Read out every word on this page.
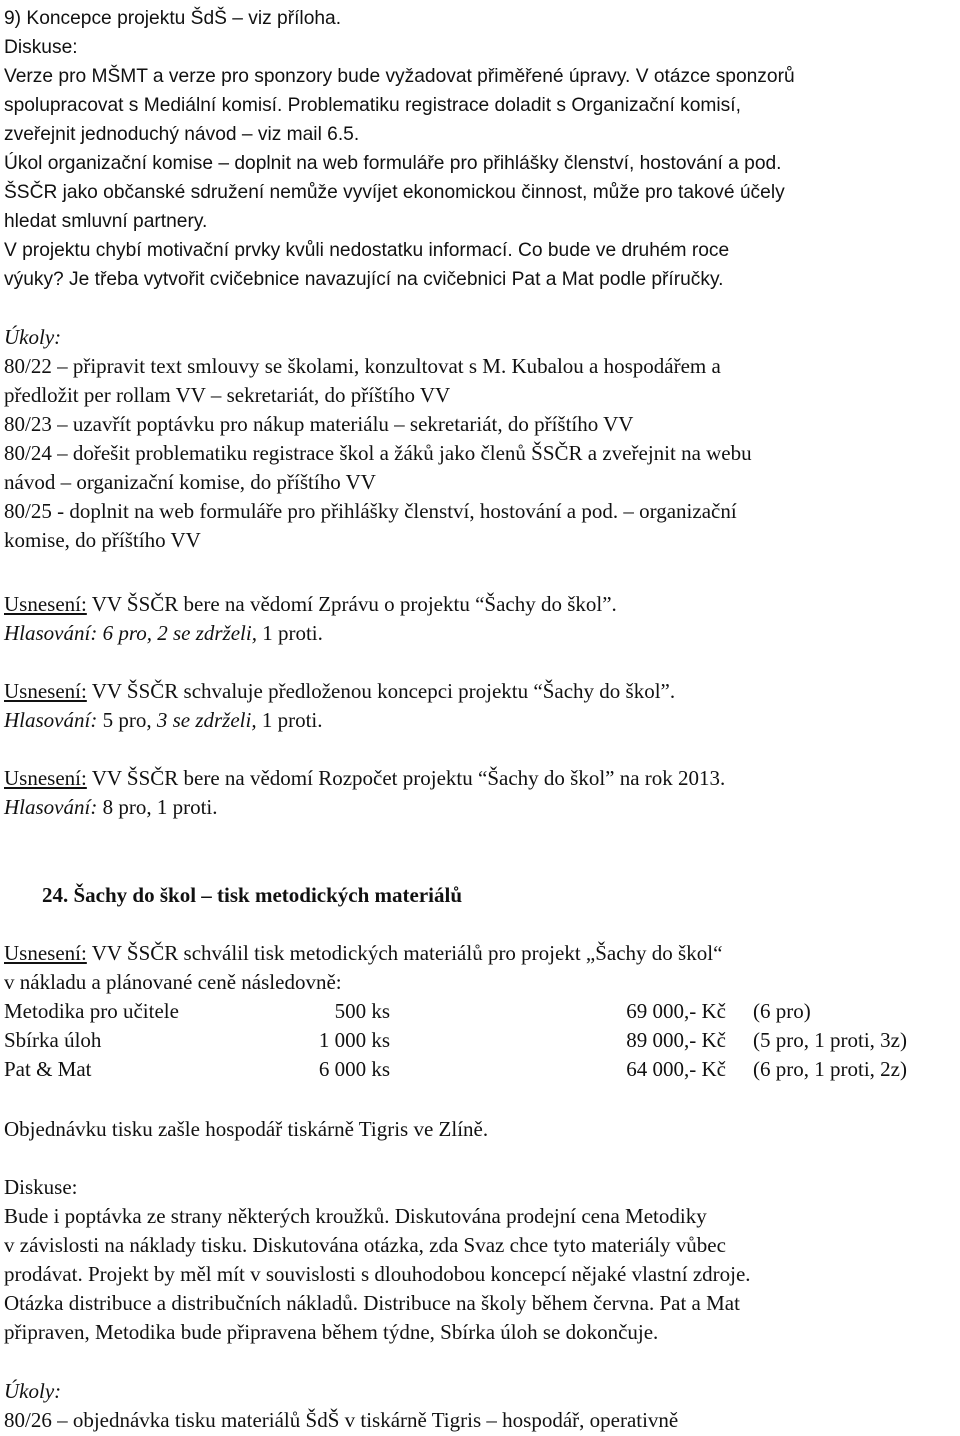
9) Koncepce projektu ŠdŠ – viz příloha.
Diskuse:
Verze pro MŠMT a verze pro sponzory bude vyžadovat přiměřené úpravy. V otázce sponzorů
spolupracovat s Mediální komisí. Problematiku registrace doladit s Organizační komisí,
zveřejnit jednoduchý návod – viz mail 6.5.
Úkol organizační komise – doplnit na web formuláře pro přihlášky členství, hostování a pod.
ŠSČR jako občanské sdružení nemůže vyvíjet ekonomickou činnost, může pro takové účely
hledat smluvní partnery.
V projektu chybí motivační prvky kvůli nedostatku informací. Co bude ve druhém roce
výuky? Je třeba vytvořit cvičebnice navazující na cvičebnici Pat a Mat podle příručky.
Úkoly:
80/22 – připravit text smlouvy se školami, konzultovat s M. Kubalou a hospodářem a
předložit per rollam VV – sekretariát, do příštího VV
80/23 – uzavřít poptávku pro nákup materiálu – sekretariát, do příštího VV
80/24 – dořešit problematiku registrace škol a žáků jako členů ŠSČR a zveřejnit na webu
návod – organizační komise, do příštího VV
80/25 - doplnit na web formuláře pro přihlášky členství, hostování a pod. – organizační
komise, do příštího VV
Usnesení: VV ŠSČR bere na vědomí Zprávu o projektu “Šachy do škol”.
Hlasování: 6 pro, 2 se zdrželi, 1 proti.
Usnesení: VV ŠSČR schvaluje předloženou koncepci projektu “Šachy do škol”.
Hlasování: 5 pro, 3 se zdrželi, 1 proti.
Usnesení: VV ŠSČR bere na vědomí Rozpočet projektu “Šachy do škol” na rok 2013.
Hlasování: 8 pro, 1 proti.
24. Šachy do škol – tisk metodických materiálů
Usnesení: VV ŠSČR schválil tisk metodických materiálů pro projekt „Šachy do škol“
v nákladu a plánované ceně následovně:
Metodika pro učitele	500 ks	69 000,- Kč (6 pro)
Sbírka úloh	1 000 ks	89 000,- Kč (5 pro, 1 proti, 3z)
Pat & Mat	6 000 ks	64 000,- Kč (6 pro, 1 proti, 2z)
Objednávku tisku zašle hospodář tiskárně Tigris ve Zlíně.
Diskuse:
Bude i poptávka ze strany některých kroužků. Diskutována prodejní cena Metodiky
v závislosti na náklady tisku. Diskutována otázka, zda Svaz chce tyto materiály vůbec
prodávat. Projekt by měl mít v souvislosti s dlouhodobou koncepcí nějaké vlastní zdroje.
Otázka distribuce a distribučních nákladů. Distribuce na školy během června. Pat a Mat
připraven, Metodika bude připravena během týdne, Sbírka úloh se dokončuje.
Úkoly:
80/26 – objednávka tisku materiálů ŠdŠ v tiskárně Tigris – hospodář, operativně
